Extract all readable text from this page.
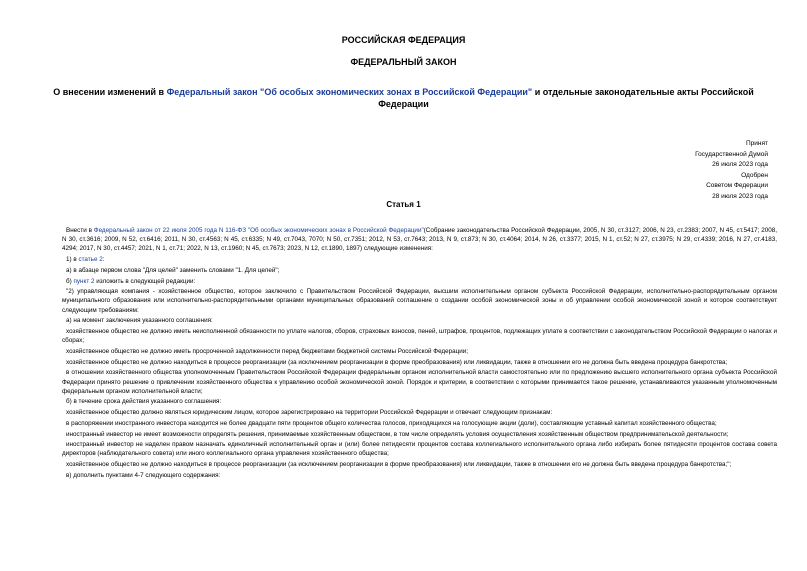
РОССИЙСКАЯ ФЕДЕРАЦИЯ
ФЕДЕРАЛЬНЫЙ ЗАКОН
О внесении изменений в Федеральный закон "Об особых экономических зонах в Российской Федерации" и отдельные законодательные акты Российской Федерации
Принят
Государственной Думой
26 июля 2023 года
Одобрен
Советом Федерации
28 июля 2023 года
Статья 1

Внести в Федеральный закон от 22 июля 2005 года N 116-ФЗ "Об особых экономических зонах в Российской Федерации"(Собрание законодательства Российской Федерации, 2005, N 30, ст.3127; 2006, N 23, ст.2383; 2007, N 45, ст.5417; 2008, N 30, ст.3616; 2009, N 52, ст.6416; 2011, N 30, ст.4563; N 45, ст.6335; N 49, ст.7043, 7070; N 50, ст.7351; 2012, N 53, ст.7643; 2013, N 9, ст.873; N 30, ст.4064; 2014, N 26, ст.3377; 2015, N 1, ст.52; N 27, ст.3975; N 29, ст.4339; 2016, N 27, ст.4183, 4294; 2017, N 30, ст.4457; 2021, N 1, ст.71; 2022, N 13, ст.1960; N 45, ст.7673; 2023, N 12, ст.1890, 1897) следующие изменения:

1) в статье 2:

а) в абзаце первом слова "Для целей" заменить словами "1. Для целей";

б) пункт 2 изложить в следующей редакции:

"2) управляющая компания - хозяйственное общество, которое заключило с Правительством Российской Федерации, высшим исполнительным органом субъекта Российской Федерации, исполнительно-распорядительным органом муниципального образования или исполнительно-распорядительными органами муниципальных образований соглашение о создании особой экономической зоны и об управлении особой экономической зоной и которое соответствует следующим требованиям:

а) на момент заключения указанного соглашения:

хозяйственное общество не должно иметь неисполненной обязанности по уплате налогов, сборов, страховых взносов, пеней, штрафов, процентов, подлежащих уплате в соответствии с законодательством Российской Федерации о налогах и сборах;

хозяйственное общество не должно иметь просроченной задолженности перед бюджетами бюджетной системы Российской Федерации;

хозяйственное общество не должно находиться в процессе реорганизации (за исключением реорганизации в форме преобразования) или ликвидации, также в отношении его не должна быть введена процедура банкротства;

в отношении хозяйственного общества уполномоченным Правительством Российской Федерации федеральным органом исполнительной власти самостоятельно или по предложению высшего исполнительного органа субъекта Российской Федерации принято решение о привлечении хозяйственного общества к управлению особой экономической зоной. Порядок и критерии, в соответствии с которыми принимается такое решение, устанавливаются указанным уполномоченным федеральным органом исполнительной власти;

б) в течение срока действия указанного соглашения:

хозяйственное общество должно являться юридическим лицом, которое зарегистрировано на территории Российской Федерации и отвечает следующим признакам:

в распоряжении иностранного инвестора находится не более двадцати пяти процентов общего количества голосов, приходящихся на голосующие акции (доли), составляющие уставный капитал хозяйственного общества;

иностранный инвестор не имеет возможности определять решения, принимаемые хозяйственным обществом, в том числе определять условия осуществления хозяйственным обществом предпринимательской деятельности;

иностранный инвестор не наделен правом назначать единоличный исполнительный орган и (или) более пятидесяти процентов состава коллегиального исполнительного органа либо избирать более пятидесяти процентов состава совета директоров (наблюдательного совета) или иного коллегиального органа управления хозяйственного общества;

хозяйственное общество не должно находиться в процессе реорганизации (за исключением реорганизации в форме преобразования) или ликвидации, также в отношении его не должна быть введена процедура банкротства;";

в) дополнить пунктами 4-7 следующего содержания:
